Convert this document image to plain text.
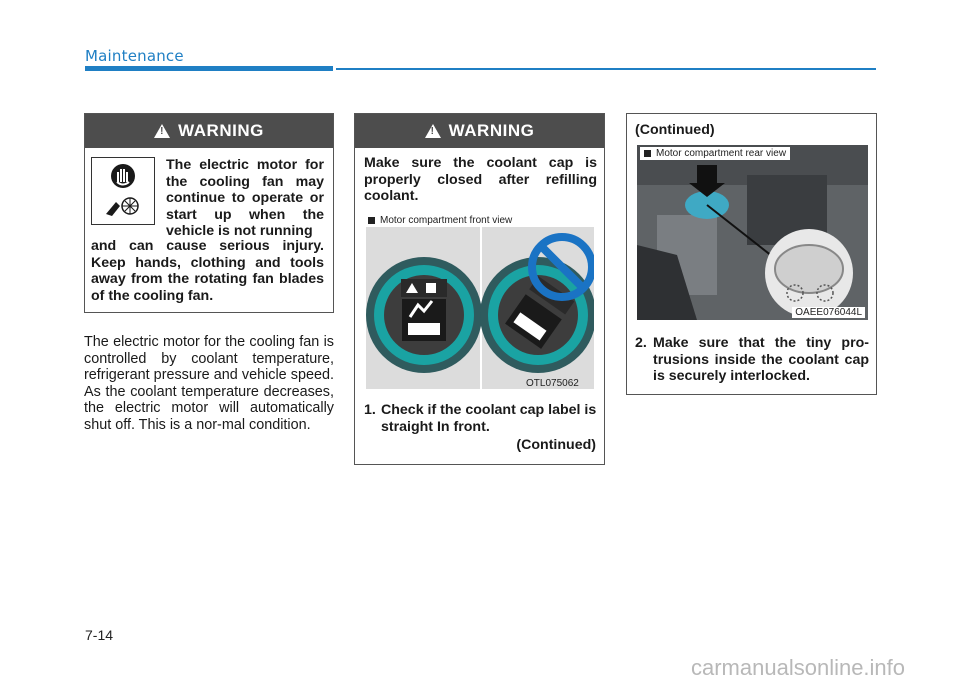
Maintenance
!
WARNING
The electric motor for the cooling fan may continue to operate or start up when the vehicle is not running
and can cause serious injury. Keep hands, clothing and tools away from the rotating fan blades of the cooling fan.
The electric motor for the cooling fan is controlled by coolant temperature, refrigerant pressure and vehicle speed. As the coolant temperature decreases, the electric motor will automatically shut off. This is a nor-mal condition.
!
WARNING
Make sure the coolant cap is properly closed after refilling coolant.
Motor compartment front view
OTL075062
1. Check if the coolant cap label is straight In front.
(Continued)
(Continued)
Motor compartment rear view
OAEE076044L
2. Make sure that the tiny pro-trusions inside the coolant cap is securely interlocked.
7-14
carmanualsonline.info
